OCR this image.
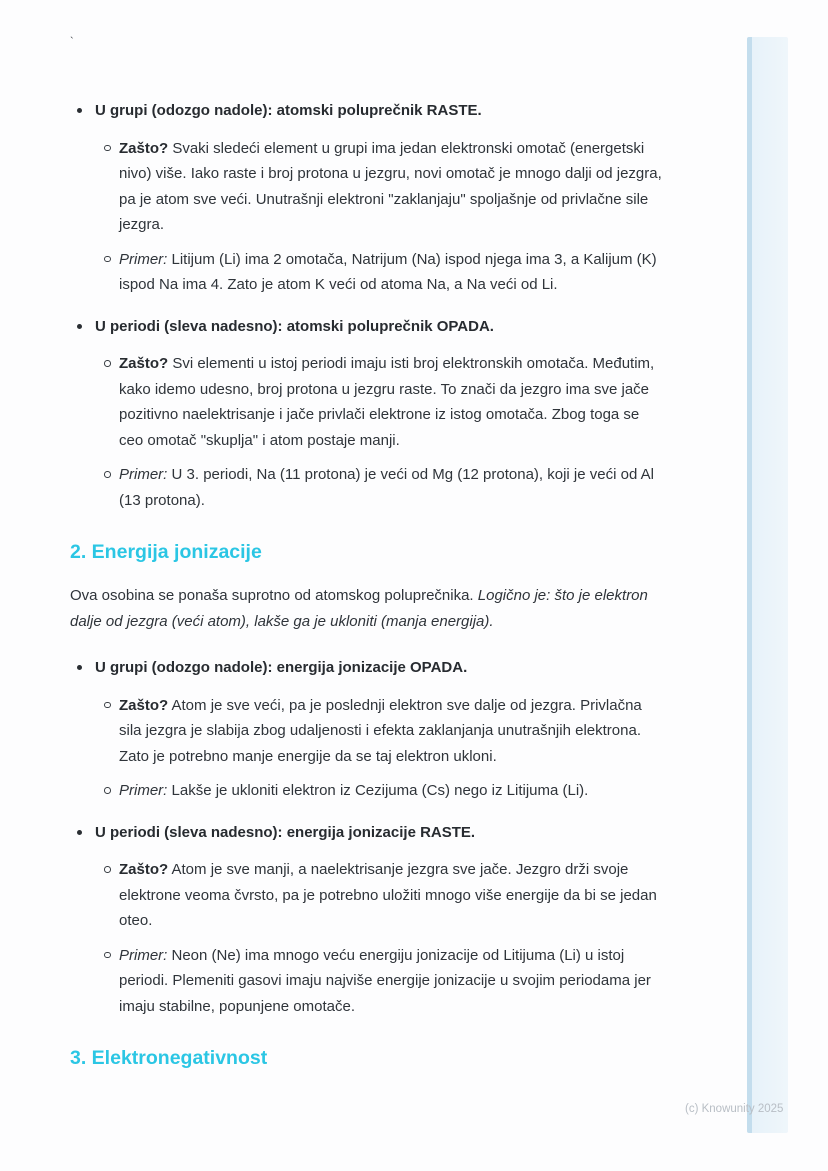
`
U grupi (odozgo nadole): atomski poluprečnik RASTE.
Zašto? Svaki sledeći element u grupi ima jedan elektronski omotač (energetski nivo) više. Iako raste i broj protona u jezgru, novi omotač je mnogo dalji od jezgra, pa je atom sve veći. Unutrašnji elektroni "zaklanjaju" spoljašnje od privlačne sile jezgra.
Primer: Litijum (Li) ima 2 omotača, Natrijum (Na) ispod njega ima 3, a Kalijum (K) ispod Na ima 4. Zato je atom K veći od atoma Na, a Na veći od Li.
U periodi (sleva nadesno): atomski poluprečnik OPADA.
Zašto? Svi elementi u istoj periodi imaju isti broj elektronskih omotača. Međutim, kako idemo udesno, broj protona u jezgru raste. To znači da jezgro ima sve jače pozitivno naelektrisanje i jače privlači elektrone iz istog omotača. Zbog toga se ceo omotač "skuplja" i atom postaje manji.
Primer: U 3. periodi, Na (11 protona) je veći od Mg (12 protona), koji je veći od Al (13 protona).
2. Energija jonizacije

Ova osobina se ponaša suprotno od atomskog poluprečnika. Logično je: što je elektron dalje od jezgra (veći atom), lakše ga je ukloniti (manja energija).

U grupi (odozgo nadole): energija jonizacije OPADA.
Zašto? Atom je sve veći, pa je poslednji elektron sve dalje od jezgra. Privlačna sila jezgra je slabija zbog udaljenosti i efekta zaklanjanja unutrašnjih elektrona. Zato je potrebno manje energije da se taj elektron ukloni.
Primer: Lakše je ukloniti elektron iz Cezijuma (Cs) nego iz Litijuma (Li).
U periodi (sleva nadesno): energija jonizacije RASTE.
Zašto? Atom je sve manji, a naelektrisanje jezgra sve jače. Jezgro drži svoje elektrone veoma čvrsto, pa je potrebno uložiti mnogo više energije da bi se jedan oteo.
Primer: Neon (Ne) ima mnogo veću energiju jonizacije od Litijuma (Li) u istoj periodi. Plemeniti gasovi imaju najviše energije jonizacije u svojim periodama jer imaju stabilne, popunjene omotače.
3. Elektronegativnost
(c) Knowunity 2025
